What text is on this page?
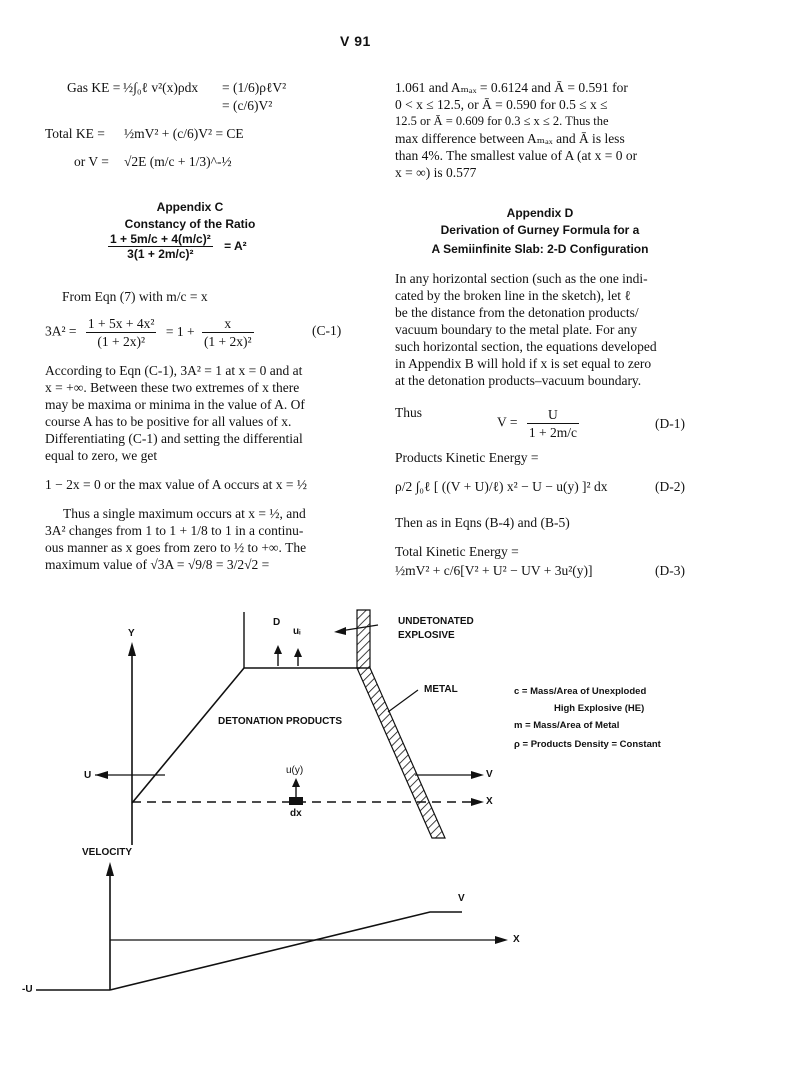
V 91
Gas KE = ½∫₀ℓ v²(x)ρdx = (1/6)ρℓV²
= (c/6)V²
Total KE = ½mV² + (c/6)V² = CE
or V = √2E (m/c + 1/3)^-½
Appendix C
Constancy of the Ratio
$\frac{\text{1 + 5m/c + 4(m/c)²}}{\text{3(1 + 2m/c)²}} = A^2$
From Eqn (7) with m/c = x
$3A^2 = \frac{\text{1 + 5x + 4x²}}{\text{(1 + 2x)²}} = 1 + \frac{x}{\text{(1 + 2x)²}}$	(C-1)
According to Eqn (C-1), 3A² = 1 at x = 0 and at
x = +∞. Between these two extremes of x there
may be maxima or minima in the value of A. Of
course A has to be positive for all values of x.
Differentiating (C-1) and setting the differential
equal to zero, we get
1 − 2x = 0 or the max value of A occurs at x = ½
Thus a single maximum occurs at x = ½, and
3A² changes from 1 to 1 + 1/8 to 1 in a continu-
ous manner as x goes from zero to ½ to +∞. The
maximum value of √3A = √9/8 = 3/2√2 =
1.061 and Aₘₐₓ = 0.6124 and Ā = 0.591 for
0 < x ≤ 12.5, or Ā = 0.590 for 0.5 ≤ x ≤
12.5 or Ā = 0.609 for 0.3 ≤ x ≤ 2. Thus the
max difference between Aₘₐₓ and Ā is less
than 4%. The smallest value of A (at x = 0 or
x = ∞) is 0.577
Appendix D
Derivation of Gurney Formula for a
A Semiinfinite Slab: 2-D Configuration
In any horizontal section (such as the one indi-
cated by the broken line in the sketch), let ℓ
be the distance from the detonation products/
vacuum boundary to the metal plate. For any
such horizontal section, the equations developed
in Appendix B will hold if x is set equal to zero
at the detonation products–vacuum boundary.
Thus
$V = \frac{U}{1 + 2m/c}$	(D-1)
Products Kinetic Energy =
ρ/2 ∫₀ℓ [ ((V + U)/ℓ) x² − U − u(y) ]² dx	(D-2)
Then as in Eqns (B-4) and (B-5)
Total Kinetic Energy =
½mV² + c/6[V² + U² − UV + 3u²(y)]	(D-3)
Y
D
uᵢ
UNDETONATED
EXPLOSIVE
METAL
DETONATION PRODUCTS
u(y)
dx
U	V
X
VELOCITY
V
X
-U
c = Mass/Area of Unexploded
High Explosive (HE)
m = Mass/Area of Metal
ρ = Products Density = Constant
